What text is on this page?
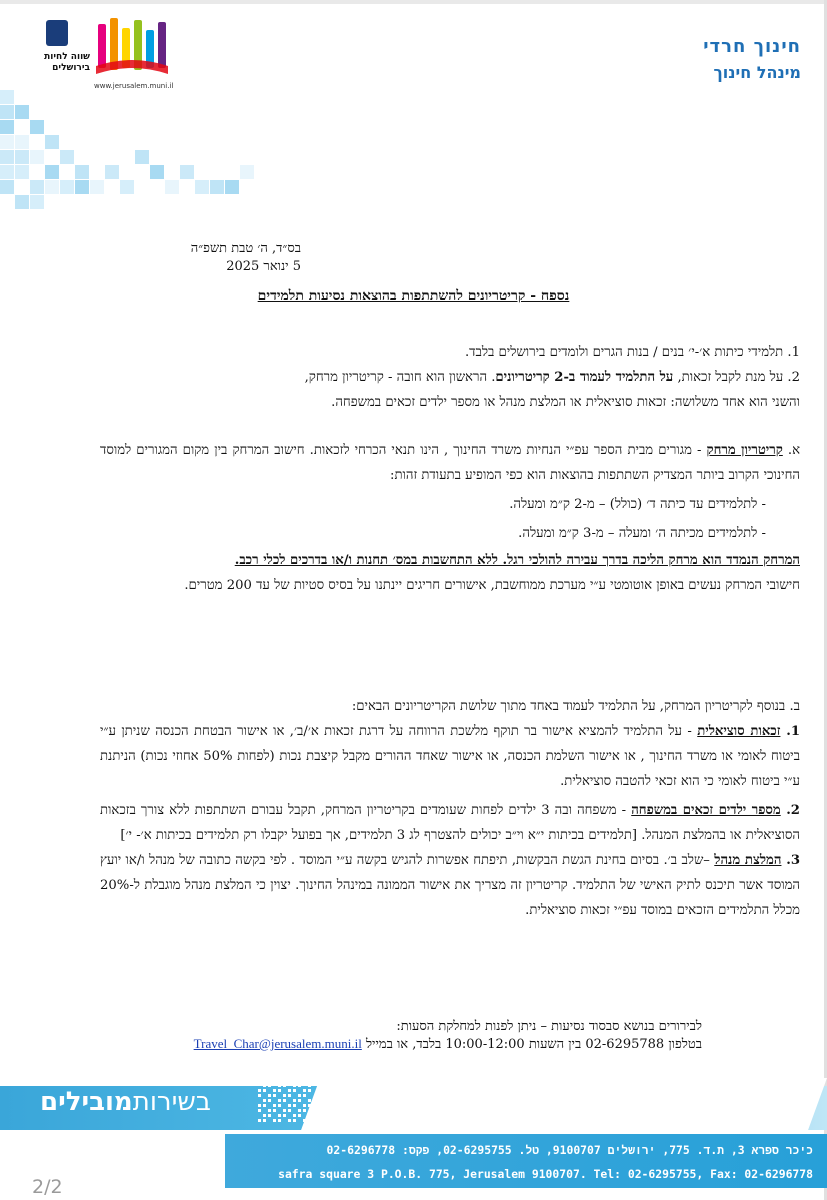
שווה לחיות
בירושלים
www.jerusalem.muni.il
חינוך חרדי
מינהל חינוך
בס״ד, ה׳ טבת תשפ״ה
5 ינואר 2025
נספח - קריטריונים להשתתפות בהוצאות נסיעות תלמידים

1. תלמידי כיתות א׳-י׳ בנים / בנות הגרים ולומדים בירושלים בלבד.

2. על מנת לקבל זכאות, על התלמיד לעמוד ב-2 קריטריונים. הראשון הוא חובה - קריטריון מרחק,

והשני הוא אחד משלושה: זכאות סוציאלית או המלצת מנהל או מספר ילדים זכאים במשפחה.

א. קריטריון מרחק - מגורים מבית הספר עפ״י הנחיות משרד החינוך , הינו תנאי הכרחי לזכאות. חישוב המרחק בין מקום המגורים למוסד החינוכי הקרוב ביותר המצדיק השתתפות בהוצאות הוא כפי המופיע בתעודת זהות:

- לתלמידים עד כיתה ד׳ (כולל) – מ-2 ק״מ ומעלה.

- לתלמידים מכיתה ה׳ ומעלה – מ-3 ק״מ ומעלה.

המרחק הנמדד הוא מרחק הליכה בדרך עבירה להולכי רגל. ללא התחשבות במס׳ תחנות ו/או בדרכים לכלי רכב.

חישובי המרחק נעשים באופן אוטומטי ע״י מערכת ממוחשבת, אישורים חריגים יינתנו על בסיס סטיות של עד 200 מטרים.

ב. בנוסף לקריטריון המרחק, על התלמיד לעמוד באחד מתוך שלושת הקריטריונים הבאים:

1. זכאות סוציאלית - על התלמיד להמציא אישור בר תוקף מלשכת הרווחה על דרגת זכאות א׳/ב׳, או אישור הבטחת הכנסה שניתן ע״י ביטוח לאומי או משרד החינוך , או אישור השלמת הכנסה, או אישור שאחד ההורים מקבל קיצבת נכות (לפחות 50% אחוזי נכות) הניתנת ע״י ביטוח לאומי כי הוא זכאי להטבה סוציאלית.

2. מספר ילדים זכאים במשפחה - משפחה ובה 3 ילדים לפחות שעומדים בקריטריון המרחק, תקבל עבורם השתתפות ללא צורך בזכאות הסוציאלית או בהמלצת המנהל. [תלמידים בכיתות י״א וי״ב יכולים להצטרף לג 3 תלמידים, אך בפועל יקבלו רק תלמידים בכיתות א׳- י׳]

3. המלצת מנהל –שלב ב׳. בסיום בחינת הגשת הבקשות, תיפתח אפשרות להגיש בקשה ע״י המוסד . לפי בקשה כתובה של מנהל ו/או יועץ המוסד אשר תיכנס לתיק האישי של התלמיד. קריטריון זה מצריך את אישור הממונה במינהל החינוך. יצוין כי המלצת מנהל מוגבלת ל-20% מכלל התלמידים הזכאים במוסד עפ״י זכאות סוציאלית.

לבירורים בנושא סבסוד נסיעות – ניתן לפנות למחלקת הסעות:
בטלפון 02-6295788 בין השעות 10:00-12:00 בלבד, או במייל Travel_Char@jerusalem.muni.il
בשירותמובילים
כיכר ספרא 3, ת.ד. 775, ירושלים 9100707, טל. 02-6295755, פקס: 02-6296778
safra square 3 P.O.B. 775, Jerusalem 9100707. Tel: 02-6295755, Fax: 02-6296778
2/2
